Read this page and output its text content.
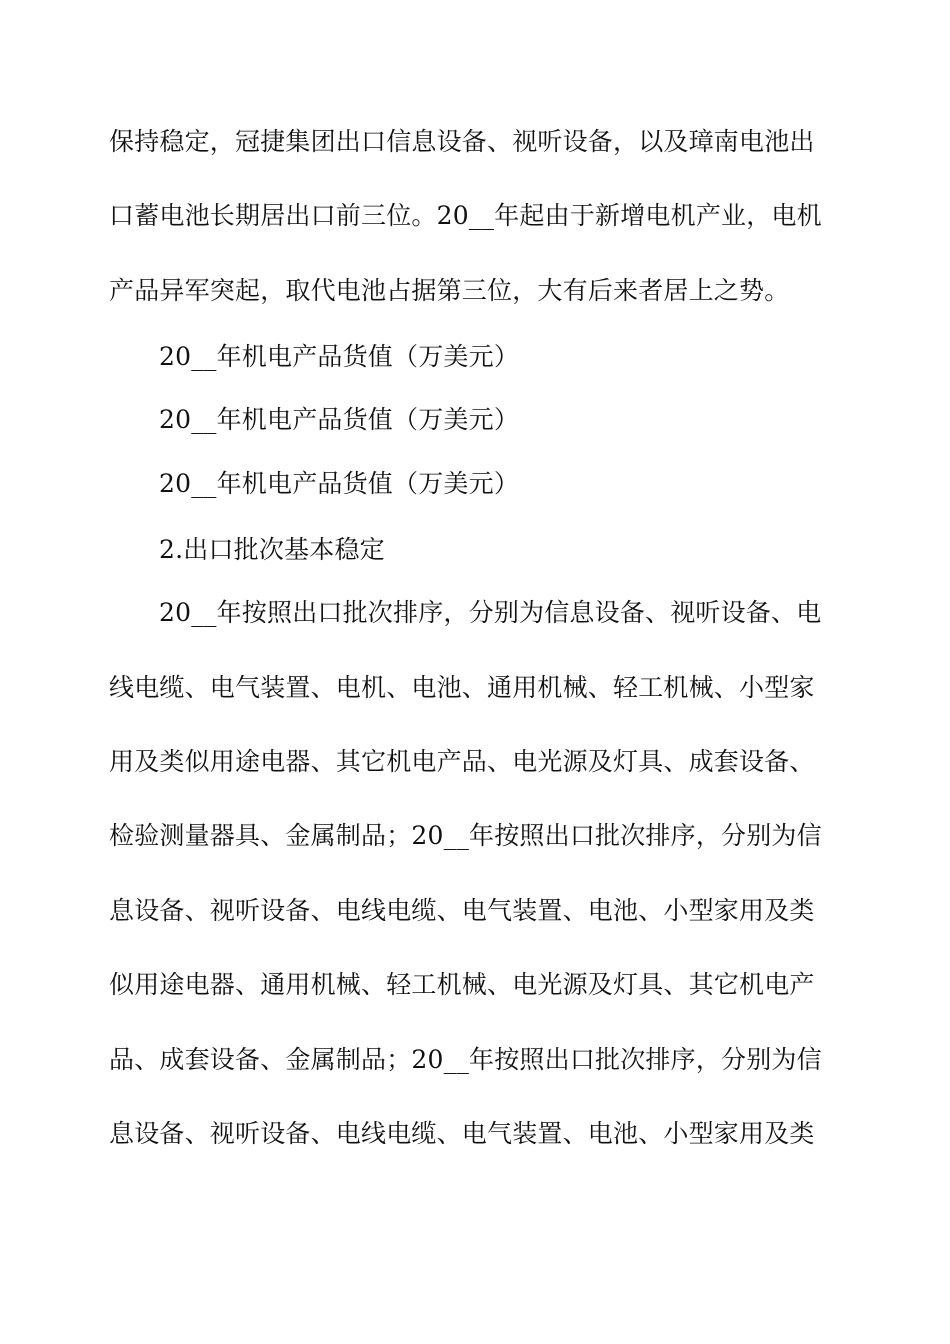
保持稳定，冠捷集团出口信息设备、视听设备，以及璋南电池出
口蓄电池长期居出口前三位。20__年起由于新增电机产业，电机
产品异军突起，取代电池占据第三位，大有后来者居上之势。
20__年机电产品货值（万美元）
20__年机电产品货值（万美元）
20__年机电产品货值（万美元）
2.出口批次基本稳定
20__年按照出口批次排序，分别为信息设备、视听设备、电
线电缆、电气装置、电机、电池、通用机械、轻工机械、小型家
用及类似用途电器、其它机电产品、电光源及灯具、成套设备、
检验测量器具、金属制品；20__年按照出口批次排序，分别为信
息设备、视听设备、电线电缆、电气装置、电池、小型家用及类
似用途电器、通用机械、轻工机械、电光源及灯具、其它机电产
品、成套设备、金属制品；20__年按照出口批次排序，分别为信
息设备、视听设备、电线电缆、电气装置、电池、小型家用及类
